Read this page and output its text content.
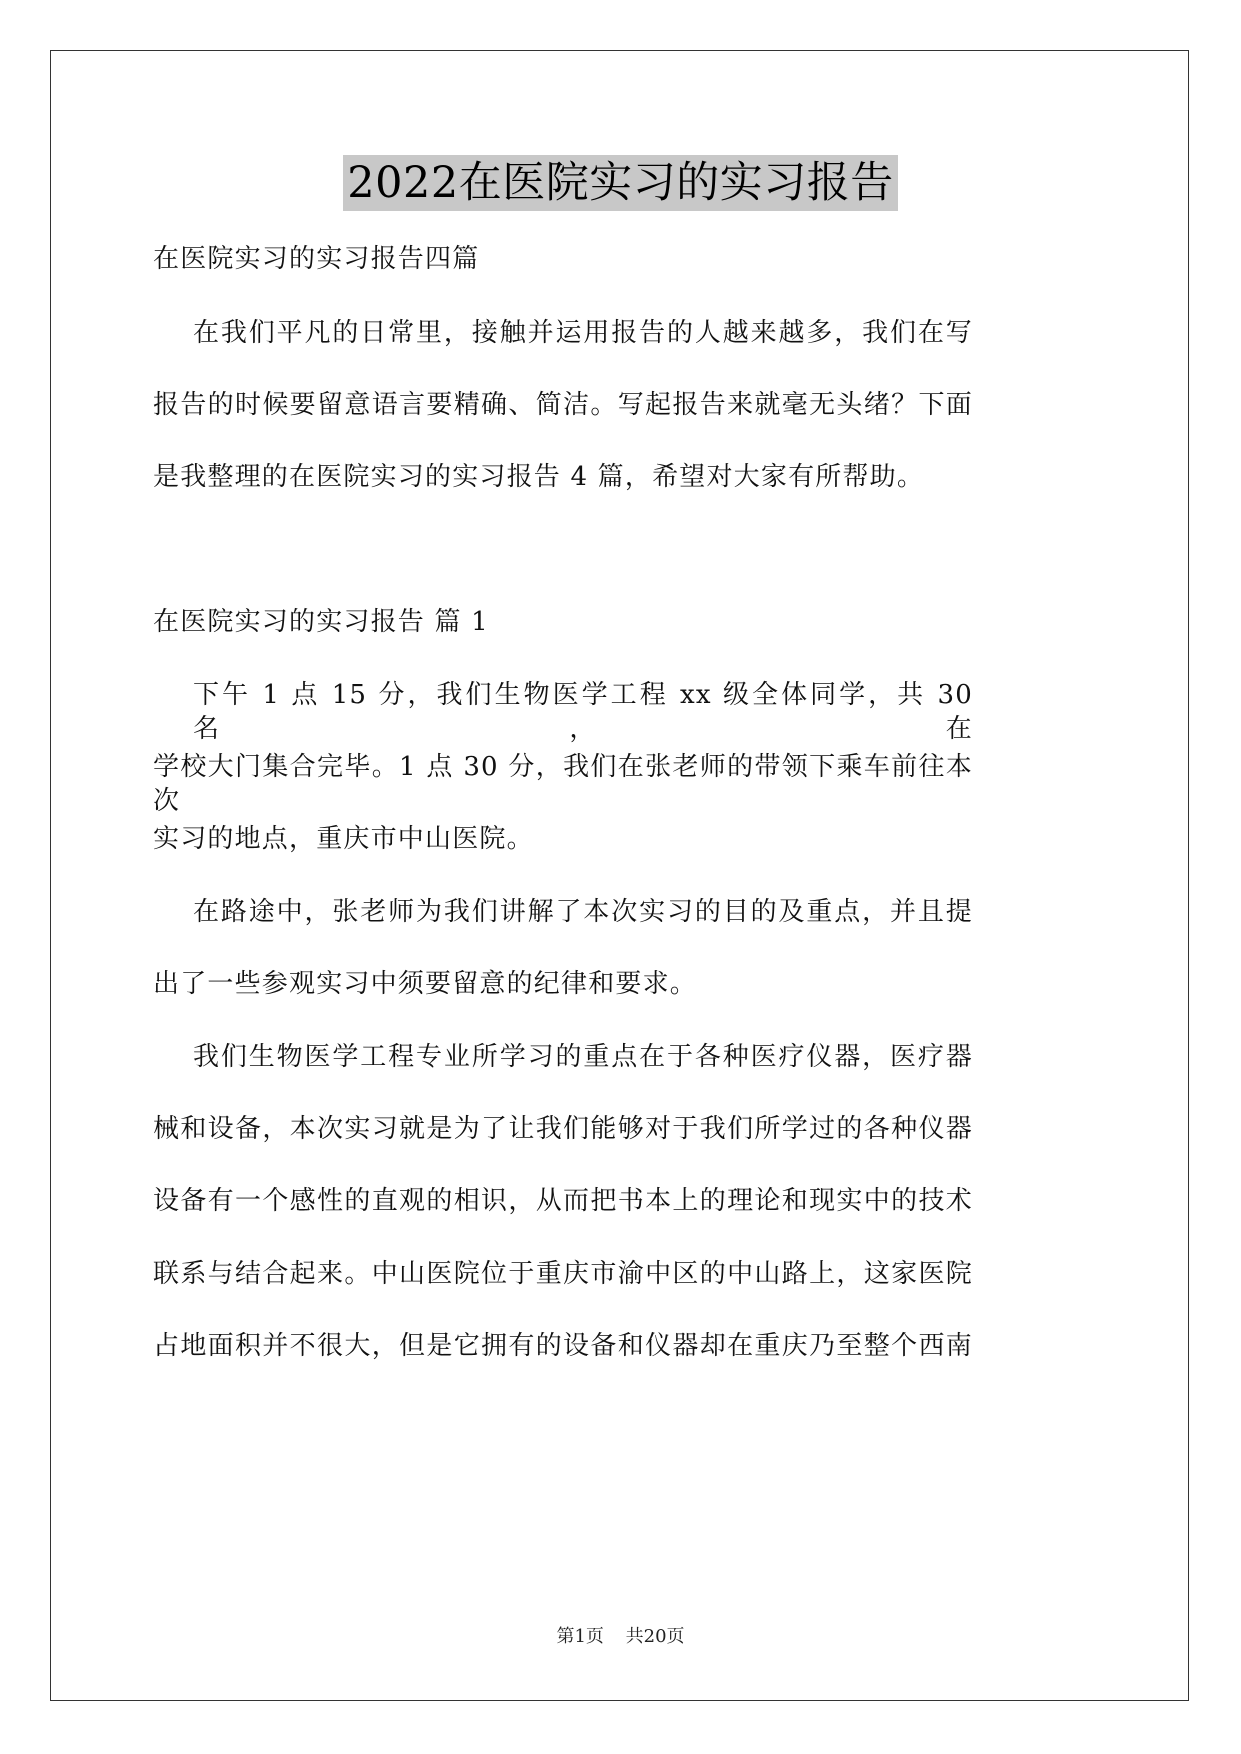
2022在医院实习的实习报告
在医院实习的实习报告四篇
在我们平凡的日常里，接触并运用报告的人越来越多，我们在写
报告的时候要留意语言要精确、简洁。写起报告来就毫无头绪？下面
是我整理的在医院实习的实习报告 4 篇，希望对大家有所帮助。
在医院实习的实习报告 篇 1
下午 1 点 15 分，我们生物医学工程 xx 级全体同学，共 30 名，在
学校大门集合完毕。1 点 30 分，我们在张老师的带领下乘车前往本次
实习的地点，重庆市中山医院。
在路途中，张老师为我们讲解了本次实习的目的及重点，并且提
出了一些参观实习中须要留意的纪律和要求。
我们生物医学工程专业所学习的重点在于各种医疗仪器，医疗器
械和设备，本次实习就是为了让我们能够对于我们所学过的各种仪器
设备有一个感性的直观的相识，从而把书本上的理论和现实中的技术
联系与结合起来。中山医院位于重庆市渝中区的中山路上，这家医院
占地面积并不很大，但是它拥有的设备和仪器却在重庆乃至整个西南
第1页 共20页
